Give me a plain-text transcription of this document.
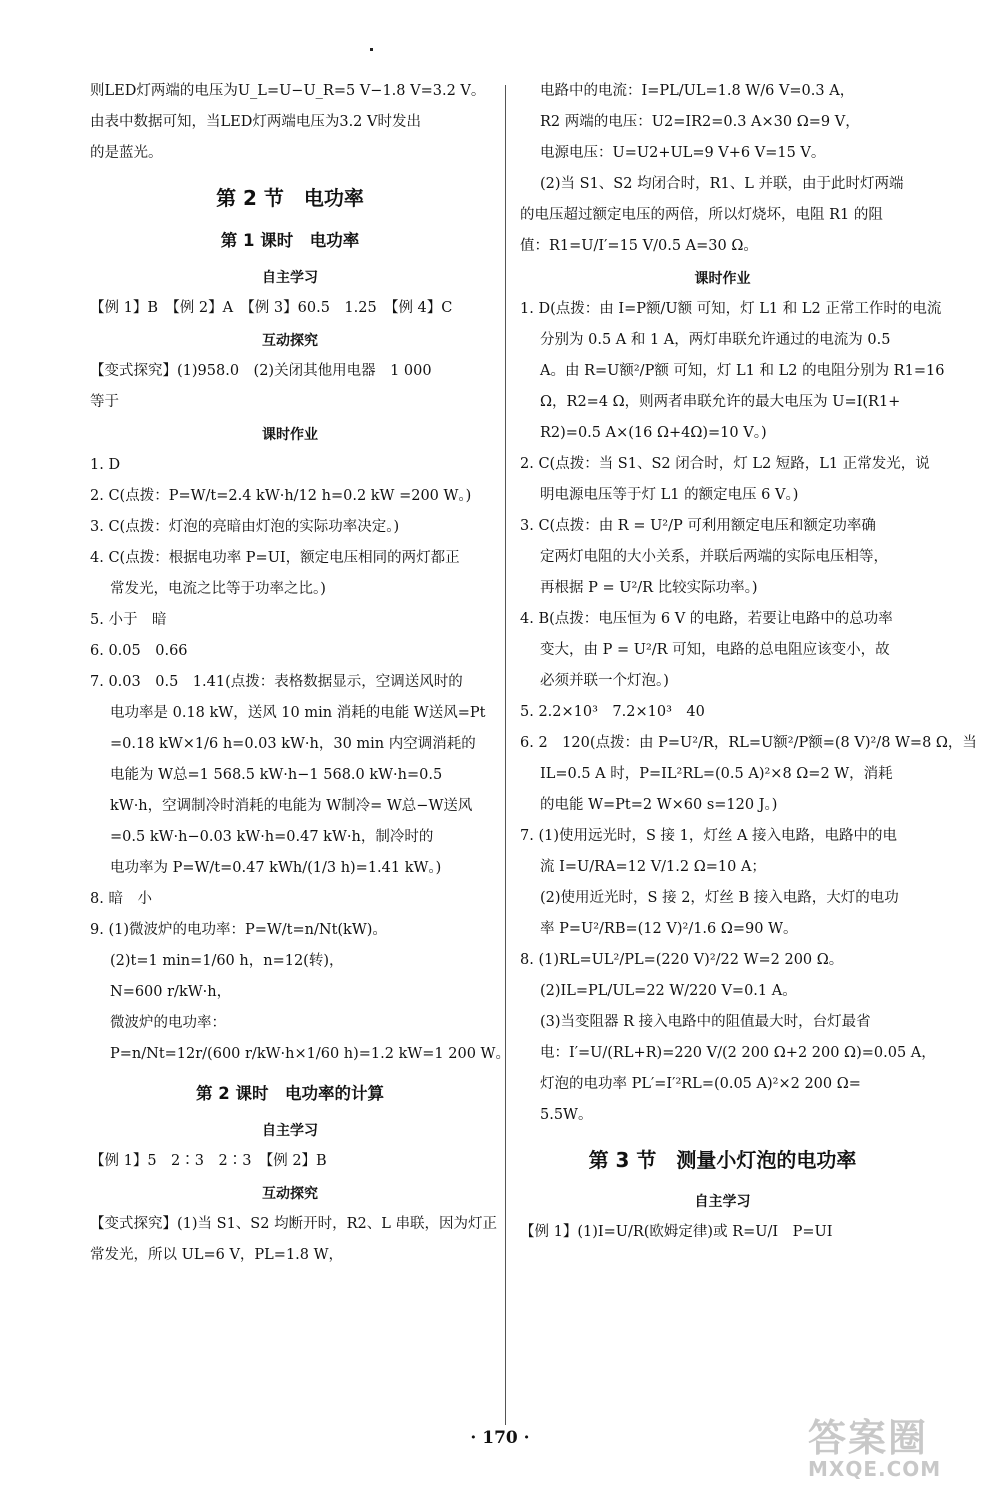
则LED灯两端的电压为U_L=U−U_R=5 V−1.8 V=3.2 V。
由表中数据可知，当LED灯两端电压为3.2 V时发出
的是蓝光。
第 2 节　电功率
第 1 课时　电功率
自主学习
【例 1】B　【例 2】A　【例 3】60.5　1.25　【例 4】C
互动探究
【变式探究】(1)958.0　(2)关闭其他用电器　1 000
等于
课时作业
1. D
2. C(点拨：P=W/t=2.4 kW·h/12 h=0.2 kW =200 W。)
3. C(点拨：灯泡的亮暗由灯泡的实际功率决定。)
4. C(点拨：根据电功率 P=UI，额定电压相同的两灯都正
常发光，电流之比等于功率之比。)
5. 小于　暗
6. 0.05　0.66
7. 0.03　0.5　1.41(点拨：表格数据显示，空调送风时的
电功率是 0.18 kW，送风 10 min 消耗的电能 W送风=Pt
=0.18 kW×1/6 h=0.03 kW·h，30 min 内空调消耗的
电能为 W总=1 568.5 kW·h−1 568.0 kW·h=0.5
kW·h，空调制冷时消耗的电能为 W制冷= W总−W送风
=0.5 kW·h−0.03 kW·h=0.47 kW·h，制冷时的
电功率为 P=W/t=0.47 kWh/(1/3 h)=1.41 kW。)
8. 暗　小
9. (1)微波炉的电功率：P=W/t=n/Nt(kW)。
(2)t=1 min=1/60 h，n=12(转)，
N=600 r/kW·h，
微波炉的电功率：
P=n/Nt=12r/(600 r/kW·h×1/60 h)=1.2 kW=1 200 W。
第 2 课时　电功率的计算
自主学习
【例 1】5　2∶3　2∶3　【例 2】B
互动探究
【变式探究】(1)当 S1、S2 均断开时，R2、L 串联，因为灯正
常发光，所以 UL=6 V，PL=1.8 W，
电路中的电流：I=PL/UL=1.8 W/6 V=0.3 A，
R2 两端的电压：U2=IR2=0.3 A×30 Ω=9 V，
电源电压：U=U2+UL=9 V+6 V=15 V。
(2)当 S1、S2 均闭合时，R1、L 并联，由于此时灯两端
的电压超过额定电压的两倍，所以灯烧坏，电阻 R1 的阻
值：R1=U/I′=15 V/0.5 A=30 Ω。
课时作业
1. D(点拨：由 I=P额/U额 可知，灯 L1 和 L2 正常工作时的电流
分别为 0.5 A 和 1 A，两灯串联允许通过的电流为 0.5
A。由 R=U额²/P额 可知，灯 L1 和 L2 的电阻分别为 R1=16
Ω，R2=4 Ω，则两者串联允许的最大电压为 U=I(R1+
R2)=0.5 A×(16 Ω+4Ω)=10 V。)
2. C(点拨：当 S1、S2 闭合时，灯 L2 短路，L1 正常发光，说
明电源电压等于灯 L1 的额定电压 6 V。)
3. C(点拨：由 R = U²/P 可利用额定电压和额定功率确
定两灯电阻的大小关系，并联后两端的实际电压相等，
再根据 P = U²/R 比较实际功率。)
4. B(点拨：电压恒为 6 V 的电路，若要让电路中的总功率
变大，由 P = U²/R 可知，电路的总电阻应该变小，故
必须并联一个灯泡。)
5. 2.2×10³　7.2×10³　40
6. 2　120(点拨：由 P=U²/R，RL=U额²/P额=(8 V)²/8 W=8 Ω，当
IL=0.5 A 时，P=IL²RL=(0.5 A)²×8 Ω=2 W，消耗
的电能 W=Pt=2 W×60 s=120 J。)
7. (1)使用远光时，S 接 1，灯丝 A 接入电路，电路中的电
流 I=U/RA=12 V/1.2 Ω=10 A；
(2)使用近光时，S 接 2，灯丝 B 接入电路，大灯的电功
率 P=U²/RB=(12 V)²/1.6 Ω=90 W。
8. (1)RL=UL²/PL=(220 V)²/22 W=2 200 Ω。
(2)IL=PL/UL=22 W/220 V=0.1 A。
(3)当变阻器 R 接入电路中的阻值最大时，台灯最省
电：I′=U/(RL+R)=220 V/(2 200 Ω+2 200 Ω)=0.05 A，
灯泡的电功率 PL′=I′²RL=(0.05 A)²×2 200 Ω=
5.5W。
第 3 节　测量小灯泡的电功率
自主学习
【例 1】(1)I=U/R(欧姆定律)或 R=U/I　P=UI
· 170 ·	答案圈
MXQE.COM
